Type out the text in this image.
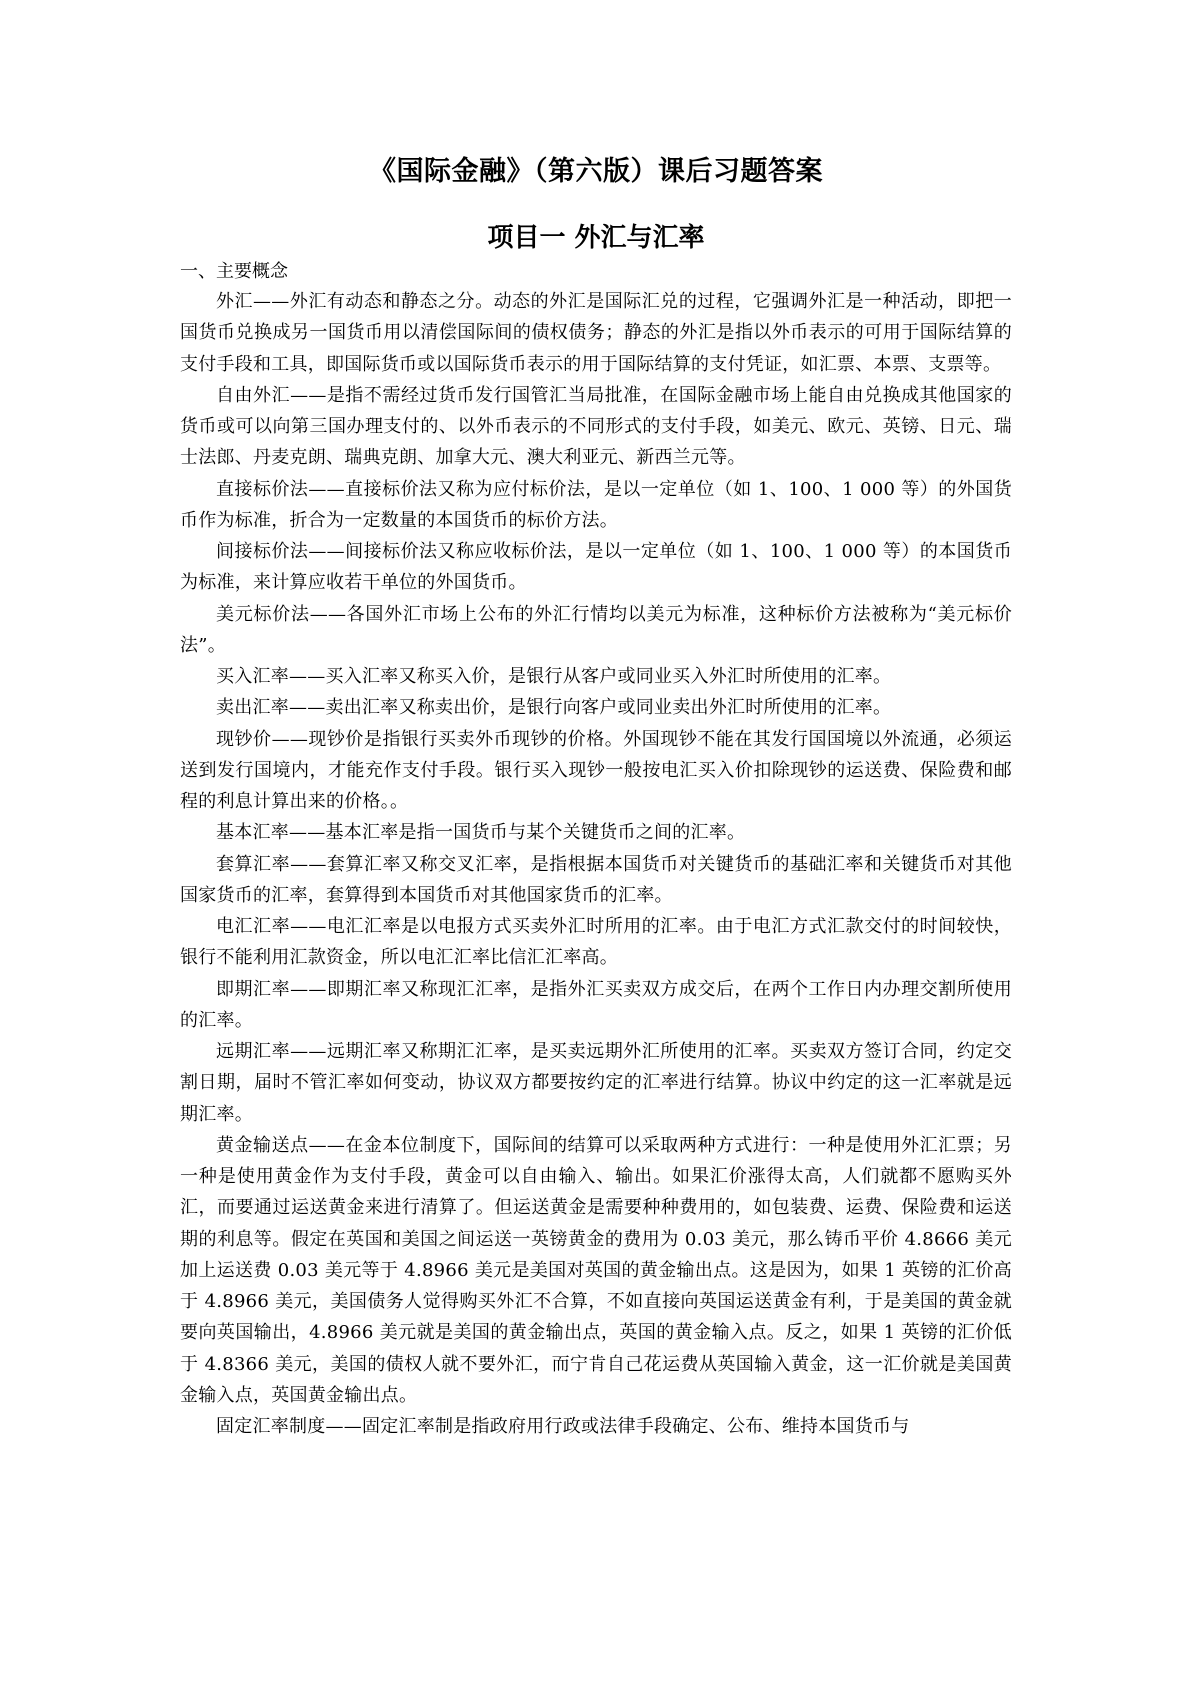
《国际金融》（第六版）课后习题答案
项目一 外汇与汇率
一、主要概念

外汇——外汇有动态和静态之分。动态的外汇是国际汇兑的过程，它强调外汇是一种活动，即把一国货币兑换成另一国货币用以清偿国际间的债权债务；静态的外汇是指以外币表示的可用于国际结算的支付手段和工具，即国际货币或以国际货币表示的用于国际结算的支付凭证，如汇票、本票、支票等。

自由外汇——是指不需经过货币发行国管汇当局批准，在国际金融市场上能自由兑换成其他国家的货币或可以向第三国办理支付的、以外币表示的不同形式的支付手段，如美元、欧元、英镑、日元、瑞士法郎、丹麦克朗、瑞典克朗、加拿大元、澳大利亚元、新西兰元等。

直接标价法——直接标价法又称为应付标价法，是以一定单位（如 1、100、1 000 等）的外国货币作为标准，折合为一定数量的本国货币的标价方法。

间接标价法——间接标价法又称应收标价法，是以一定单位（如 1、100、1 000 等）的本国货币为标准，来计算应收若干单位的外国货币。

美元标价法——各国外汇市场上公布的外汇行情均以美元为标准，这种标价方法被称为“美元标价法”。

买入汇率——买入汇率又称买入价，是银行从客户或同业买入外汇时所使用的汇率。

卖出汇率——卖出汇率又称卖出价，是银行向客户或同业卖出外汇时所使用的汇率。

现钞价——现钞价是指银行买卖外币现钞的价格。外国现钞不能在其发行国国境以外流通，必须运送到发行国境内，才能充作支付手段。银行买入现钞一般按电汇买入价扣除现钞的运送费、保险费和邮程的利息计算出来的价格。。

基本汇率——基本汇率是指一国货币与某个关键货币之间的汇率。

套算汇率——套算汇率又称交叉汇率，是指根据本国货币对关键货币的基础汇率和关键货币对其他国家货币的汇率，套算得到本国货币对其他国家货币的汇率。

电汇汇率——电汇汇率是以电报方式买卖外汇时所用的汇率。由于电汇方式汇款交付的时间较快，银行不能利用汇款资金，所以电汇汇率比信汇汇率高。

即期汇率——即期汇率又称现汇汇率，是指外汇买卖双方成交后，在两个工作日内办理交割所使用的汇率。

远期汇率——远期汇率又称期汇汇率，是买卖远期外汇所使用的汇率。买卖双方签订合同，约定交割日期，届时不管汇率如何变动，协议双方都要按约定的汇率进行结算。协议中约定的这一汇率就是远期汇率。

黄金输送点——在金本位制度下，国际间的结算可以采取两种方式进行：一种是使用外汇汇票；另一种是使用黄金作为支付手段，黄金可以自由输入、输出。如果汇价涨得太高，人们就都不愿购买外汇，而要通过运送黄金来进行清算了。但运送黄金是需要种种费用的，如包装费、运费、保险费和运送期的利息等。假定在英国和美国之间运送一英镑黄金的费用为 0.03 美元，那么铸币平价 4.8666 美元加上运送费 0.03 美元等于 4.8966 美元是美国对英国的黄金输出点。这是因为，如果 1 英镑的汇价高于 4.8966 美元，美国债务人觉得购买外汇不合算，不如直接向英国运送黄金有利，于是美国的黄金就要向英国输出，4.8966 美元就是美国的黄金输出点，英国的黄金输入点。反之，如果 1 英镑的汇价低于 4.8366 美元，美国的债权人就不要外汇，而宁肯自己花运费从英国输入黄金，这一汇价就是美国黄金输入点，英国黄金输出点。

固定汇率制度——固定汇率制是指政府用行政或法律手段确定、公布、维持本国货币与
